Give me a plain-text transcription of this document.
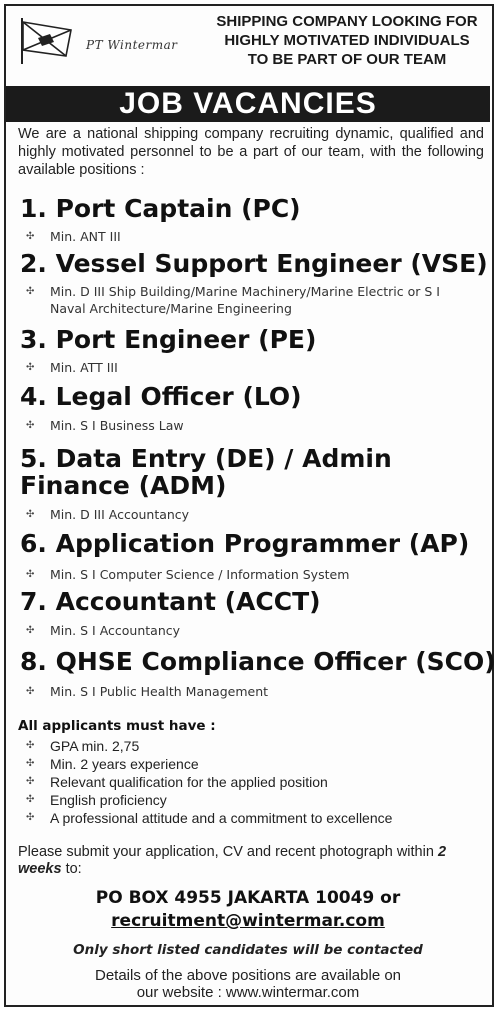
PT Wintermar
SHIPPING COMPANY LOOKING FOR
HIGHLY MOTIVATED INDIVIDUALS
TO BE PART OF OUR TEAM
JOB VACANCIES
We are a national shipping company recruiting dynamic, qualified and highly motivated personnel to be a part of our team, with the following available positions :
1. Port Captain (PC)
✣ Min. ANT III
2. Vessel Support Engineer (VSE)
✣ Min. D III Ship Building/Marine Machinery/Marine Electric or S I Naval Architecture/Marine Engineering
3. Port Engineer (PE)
✣ Min. ATT III
4. Legal Officer (LO)
✣ Min. S I Business Law
5. Data Entry (DE) / Admin
Finance (ADM)
✣ Min. D III Accountancy
6. Application Programmer (AP)
✣ Min. S I Computer Science / Information System
7. Accountant (ACCT)
✣ Min. S I Accountancy
8. QHSE Compliance Officer (SCO)
✣ Min. S I Public Health Management
All applicants must have :
✣ GPA min. 2,75
✣ Min. 2 years experience
✣ Relevant qualification for the applied position
✣ English proficiency
✣ A professional attitude and a commitment to excellence
Please submit your application, CV and recent photograph within 2 weeks to:
PO BOX 4955 JAKARTA 10049 or
recruitment@wintermar.com
Only short listed candidates will be contacted
Details of the above positions are available on
our website : www.wintermar.com
